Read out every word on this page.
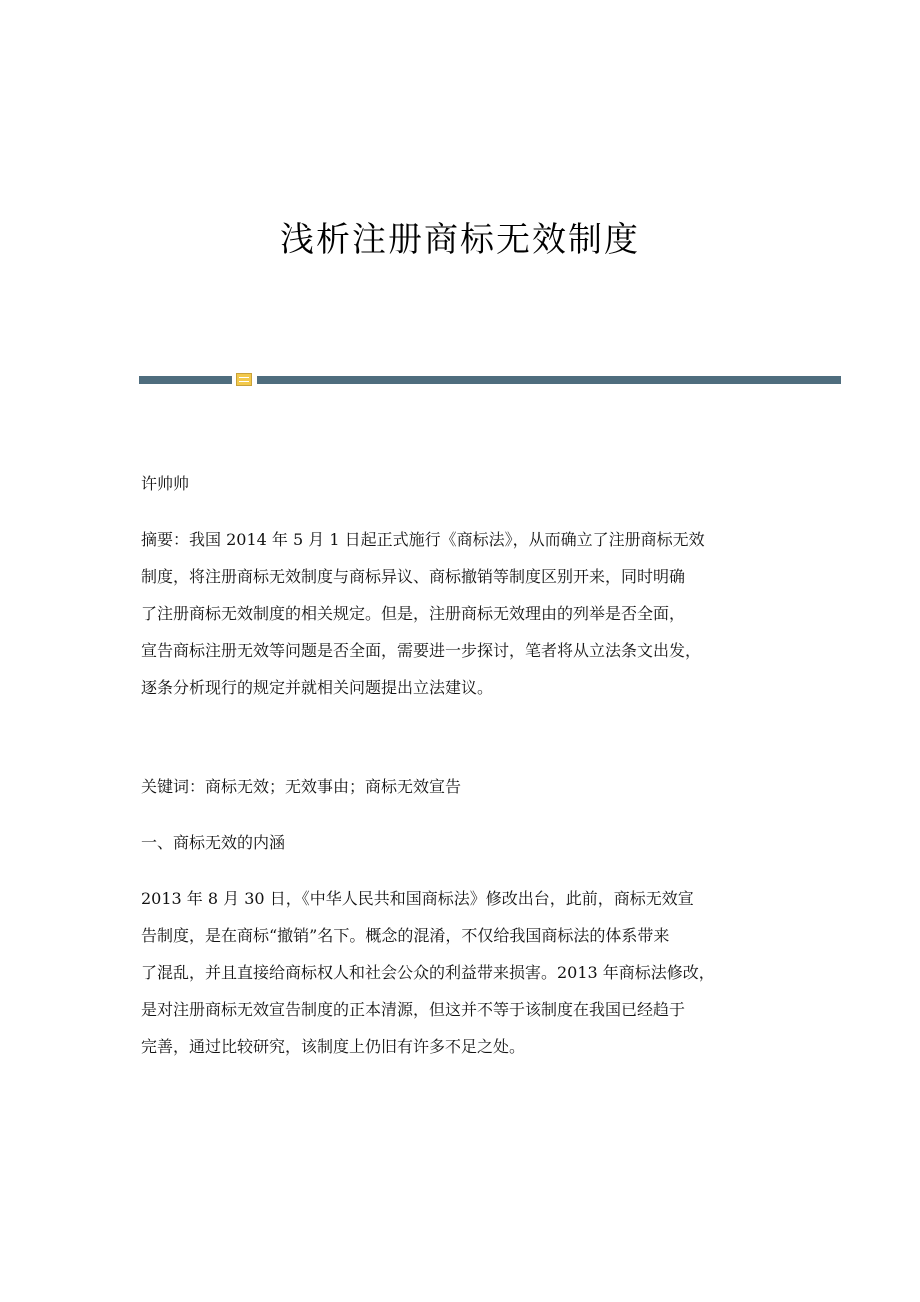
浅析注册商标无效制度
许帅帅
摘要：我国 2014 年 5 月 1 日起正式施行《商标法》，从而确立了注册商标无效
制度，将注册商标无效制度与商标异议、商标撤销等制度区别开来，同时明确
了注册商标无效制度的相关规定。但是，注册商标无效理由的列举是否全面，
宣告商标注册无效等问题是否全面，需要进一步探讨，笔者将从立法条文出发，
逐条分析现行的规定并就相关问题提出立法建议。
关键词：商标无效；无效事由；商标无效宣告
一、商标无效的内涵
2013 年 8 月 30 日，《中华人民共和国商标法》修改出台，此前，商标无效宣
告制度，是在商标“撤销”名下。概念的混淆，不仅给我国商标法的体系带来
了混乱，并且直接给商标权人和社会公众的利益带来损害。2013 年商标法修改，
是对注册商标无效宣告制度的正本清源，但这并不等于该制度在我国已经趋于
完善，通过比较研究，该制度上仍旧有许多不足之处。
